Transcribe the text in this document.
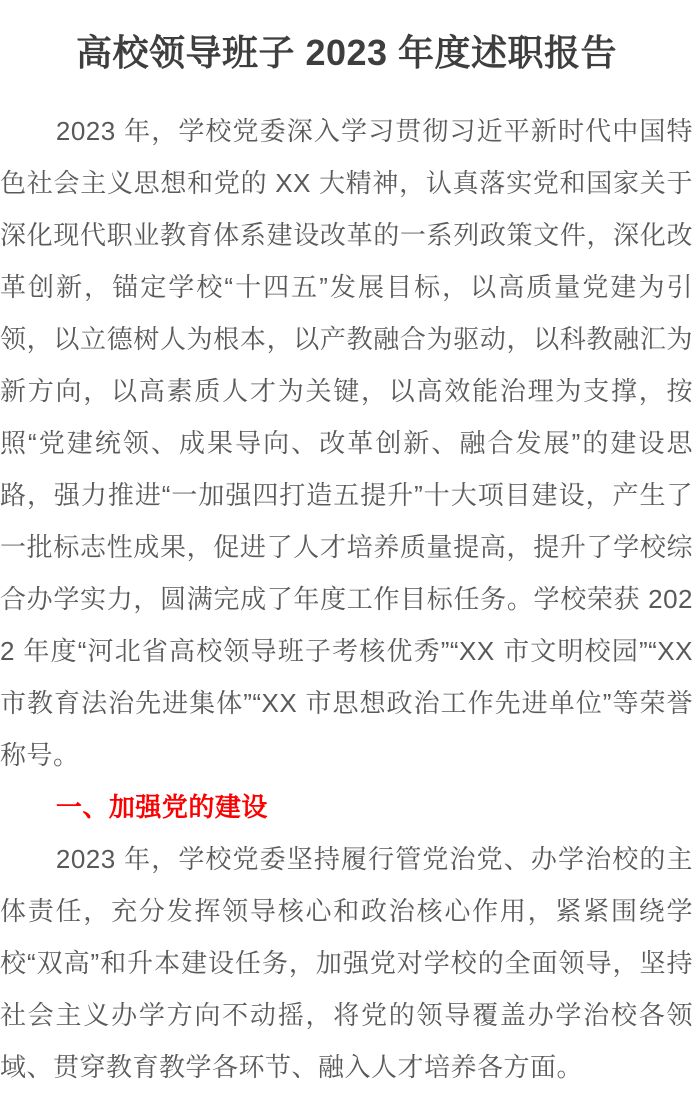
高校领导班子 2023 年度述职报告

2023 年，学校党委深入学习贯彻习近平新时代中国特色社会主义思想和党的 XX 大精神，认真落实党和国家关于深化现代职业教育体系建设改革的一系列政策文件，深化改革创新，锚定学校“十四五”发展目标，以高质量党建为引领，以立德树人为根本，以产教融合为驱动，以科教融汇为新方向，以高素质人才为关键，以高效能治理为支撑，按照“党建统领、成果导向、改革创新、融合发展”的建设思路，强力推进“一加强四打造五提升”十大项目建设，产生了一批标志性成果，促进了人才培养质量提高，提升了学校综合办学实力，圆满完成了年度工作目标任务。学校荣获 2022 年度“河北省高校领导班子考核优秀”“XX 市文明校园”“XX 市教育法治先进集体”“XX 市思想政治工作先进单位”等荣誉称号。

一、加强党的建设

2023 年，学校党委坚持履行管党治党、办学治校的主体责任，充分发挥领导核心和政治核心作用，紧紧围绕学校“双高”和升本建设任务，加强党对学校的全面领导，坚持社会主义办学方向不动摇，将党的领导覆盖办学治校各领域、贯穿教育教学各环节、融入人才培养各方面。
